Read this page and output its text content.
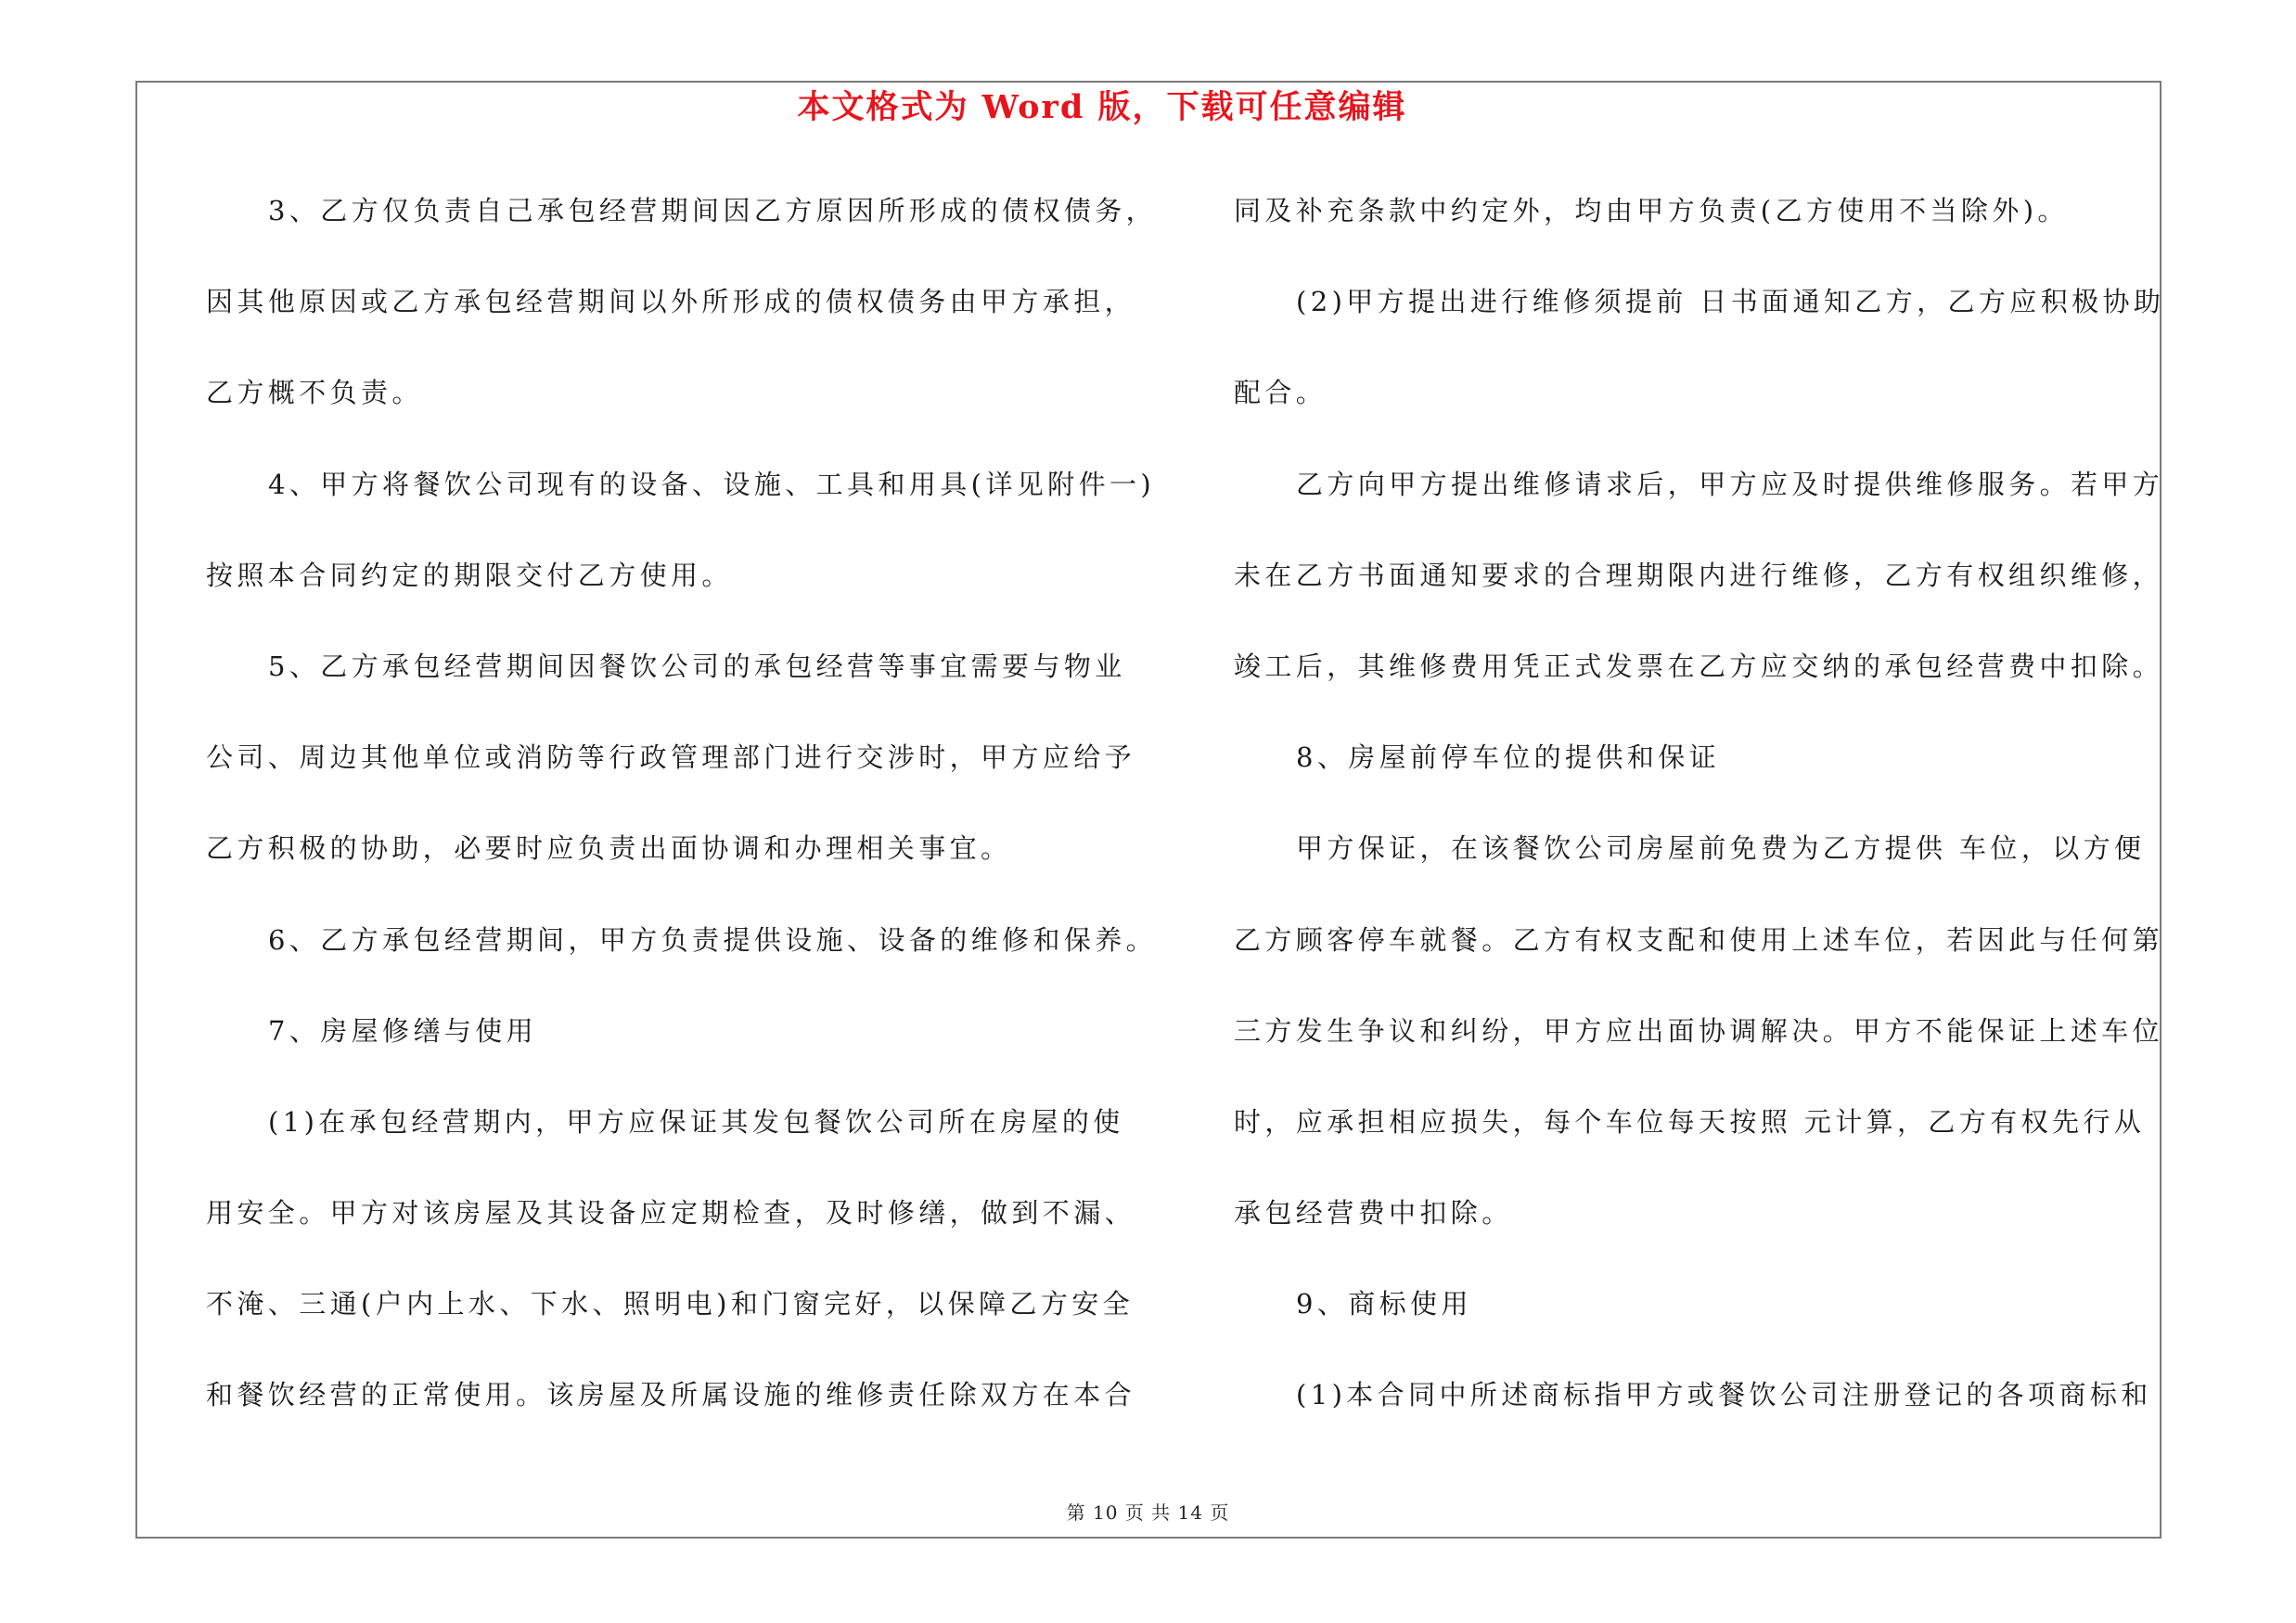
本文格式为 Word 版，下载可任意编辑
3、乙方仅负责自己承包经营期间因乙方原因所形成的债权债务，
因其他原因或乙方承包经营期间以外所形成的债权债务由甲方承担，
乙方概不负责。
4、甲方将餐饮公司现有的设备、设施、工具和用具(详见附件一)
按照本合同约定的期限交付乙方使用。
5、乙方承包经营期间因餐饮公司的承包经营等事宜需要与物业
公司、周边其他单位或消防等行政管理部门进行交涉时，甲方应给予
乙方积极的协助，必要时应负责出面协调和办理相关事宜。
6、乙方承包经营期间，甲方负责提供设施、设备的维修和保养。
7、房屋修缮与使用
(1)在承包经营期内，甲方应保证其发包餐饮公司所在房屋的使
用安全。甲方对该房屋及其设备应定期检查，及时修缮，做到不漏、
不淹、三通(户内上水、下水、照明电)和门窗完好，以保障乙方安全
和餐饮经营的正常使用。该房屋及所属设施的维修责任除双方在本合
同及补充条款中约定外，均由甲方负责(乙方使用不当除外)。
(2)甲方提出进行维修须提前 日书面通知乙方，乙方应积极协助
配合。
乙方向甲方提出维修请求后，甲方应及时提供维修服务。若甲方
未在乙方书面通知要求的合理期限内进行维修，乙方有权组织维修，
竣工后，其维修费用凭正式发票在乙方应交纳的承包经营费中扣除。
8、房屋前停车位的提供和保证
甲方保证，在该餐饮公司房屋前免费为乙方提供 车位，以方便
乙方顾客停车就餐。乙方有权支配和使用上述车位，若因此与任何第
三方发生争议和纠纷，甲方应出面协调解决。甲方不能保证上述车位
时，应承担相应损失，每个车位每天按照 元计算，乙方有权先行从
承包经营费中扣除。
9、商标使用
(1)本合同中所述商标指甲方或餐饮公司注册登记的各项商标和
第 10 页 共 14 页
